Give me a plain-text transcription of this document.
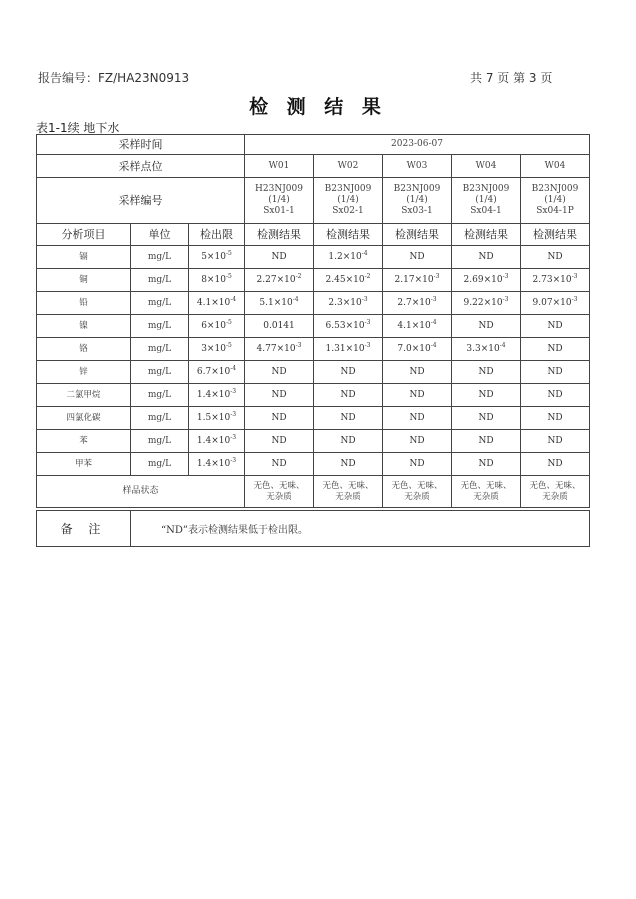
报告编号：FZ/HA23N0913	共 7 页 第 3 页
检 测 结 果
表1-1续 地下水
采样时间			2023-06-07				
采样点位			W01	W02	W03	W04	W04
采样编号			H23NJ009
(1/4)
Sx01-1	B23NJ009
(1/4)
Sx02-1	B23NJ009
(1/4)
Sx03-1	B23NJ009
(1/4)
Sx04-1	B23NJ009
(1/4)
Sx04-1P

分析项目	单位	检出限	检测结果	检测结果	检测结果	检测结果	检测结果
镉	mg/L	$5\times 10^{-5}$	ND	$1.2\times 10^{-4}$	ND	ND	ND
铜	mg/L	$8\times 10^{-5}$	$2.27\times 10^{-2}$	$2.45\times 10^{-2}$	$2.17\times 10^{-3}$	$2.69\times 10^{-3}$	$2.73\times 10^{-3}$
铅	mg/L	$4.1\times 10^{-4}$	$5.1\times 10^{-4}$	$2.3\times 10^{-3}$	$2.7\times 10^{-3}$	$9.22\times 10^{-3}$	$9.07\times 10^{-3}$
镍	mg/L	$6\times 10^{-5}$	0.0141	$6.53\times 10^{-3}$	$4.1\times 10^{-4}$	ND	ND
铬	mg/L	$3\times 10^{-5}$	$4.77\times 10^{-3}$	$1.31\times 10^{-3}$	$7.0\times 10^{-4}$	$3.3\times 10^{-4}$	ND
锌	mg/L	$6.7\times 10^{-4}$	ND	ND	ND	ND	ND
二氯甲烷	mg/L	$1.4\times 10^{-3}$	ND	ND	ND	ND	ND
四氯化碳	mg/L	$1.5\times 10^{-3}$	ND	ND	ND	ND	ND
苯	mg/L	$1.4\times 10^{-3}$	ND	ND	ND	ND	ND
甲苯	mg/L	$1.4\times 10^{-3}$	ND	ND	ND	ND	ND
样品状态			无色、无味、
无杂质	无色、无味、
无杂质	无色、无味、
无杂质	无色、无味、
无杂质	无色、无味、
无杂质
备 注	“ND”表示检测结果低于检出限。
